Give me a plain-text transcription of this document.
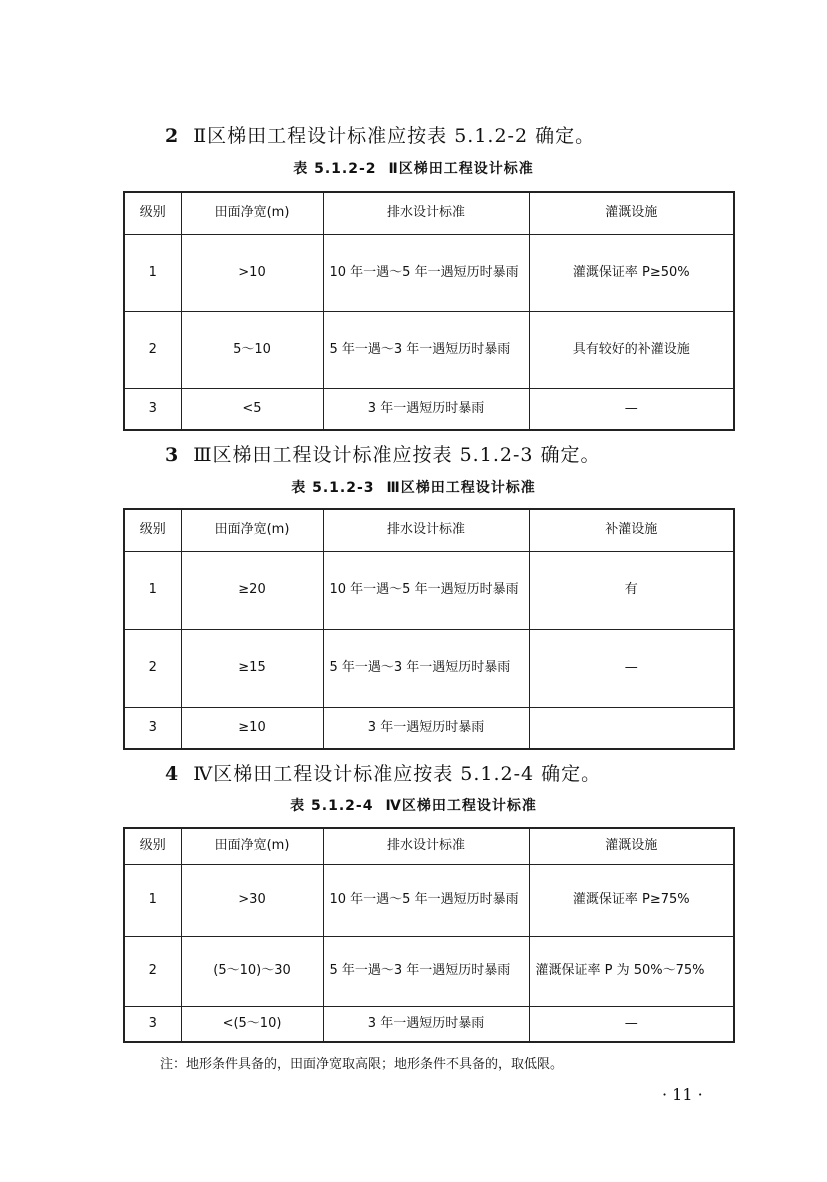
2 Ⅱ区梯田工程设计标准应按表 5.1.2-2 确定。
表 5.1.2-2 Ⅱ区梯田工程设计标准
级别	田面净宽(m)	排水设计标准	灌溉设施
1	>10	10 年一遇～5 年一遇短历时暴雨	灌溉保证率 P≥50%
2	5～10	5 年一遇～3 年一遇短历时暴雨	具有较好的补灌设施
3	<5	3 年一遇短历时暴雨	—
3 Ⅲ区梯田工程设计标准应按表 5.1.2-3 确定。
表 5.1.2-3 Ⅲ区梯田工程设计标准
级别	田面净宽(m)	排水设计标准	补灌设施
1	≥20	10 年一遇～5 年一遇短历时暴雨	有
2	≥15	5 年一遇～3 年一遇短历时暴雨	—
3	≥10	3 年一遇短历时暴雨	
4 Ⅳ区梯田工程设计标准应按表 5.1.2-4 确定。
表 5.1.2-4 Ⅳ区梯田工程设计标准
级别	田面净宽(m)	排水设计标准	灌溉设施
1	>30	10 年一遇～5 年一遇短历时暴雨	灌溉保证率 P≥75%
2	(5～10)～30	5 年一遇～3 年一遇短历时暴雨	灌溉保证率 P 为 50%～75%
3	<(5～10)	3 年一遇短历时暴雨	—
注：地形条件具备的，田面净宽取高限；地形条件不具备的，取低限。
· 11 ·
